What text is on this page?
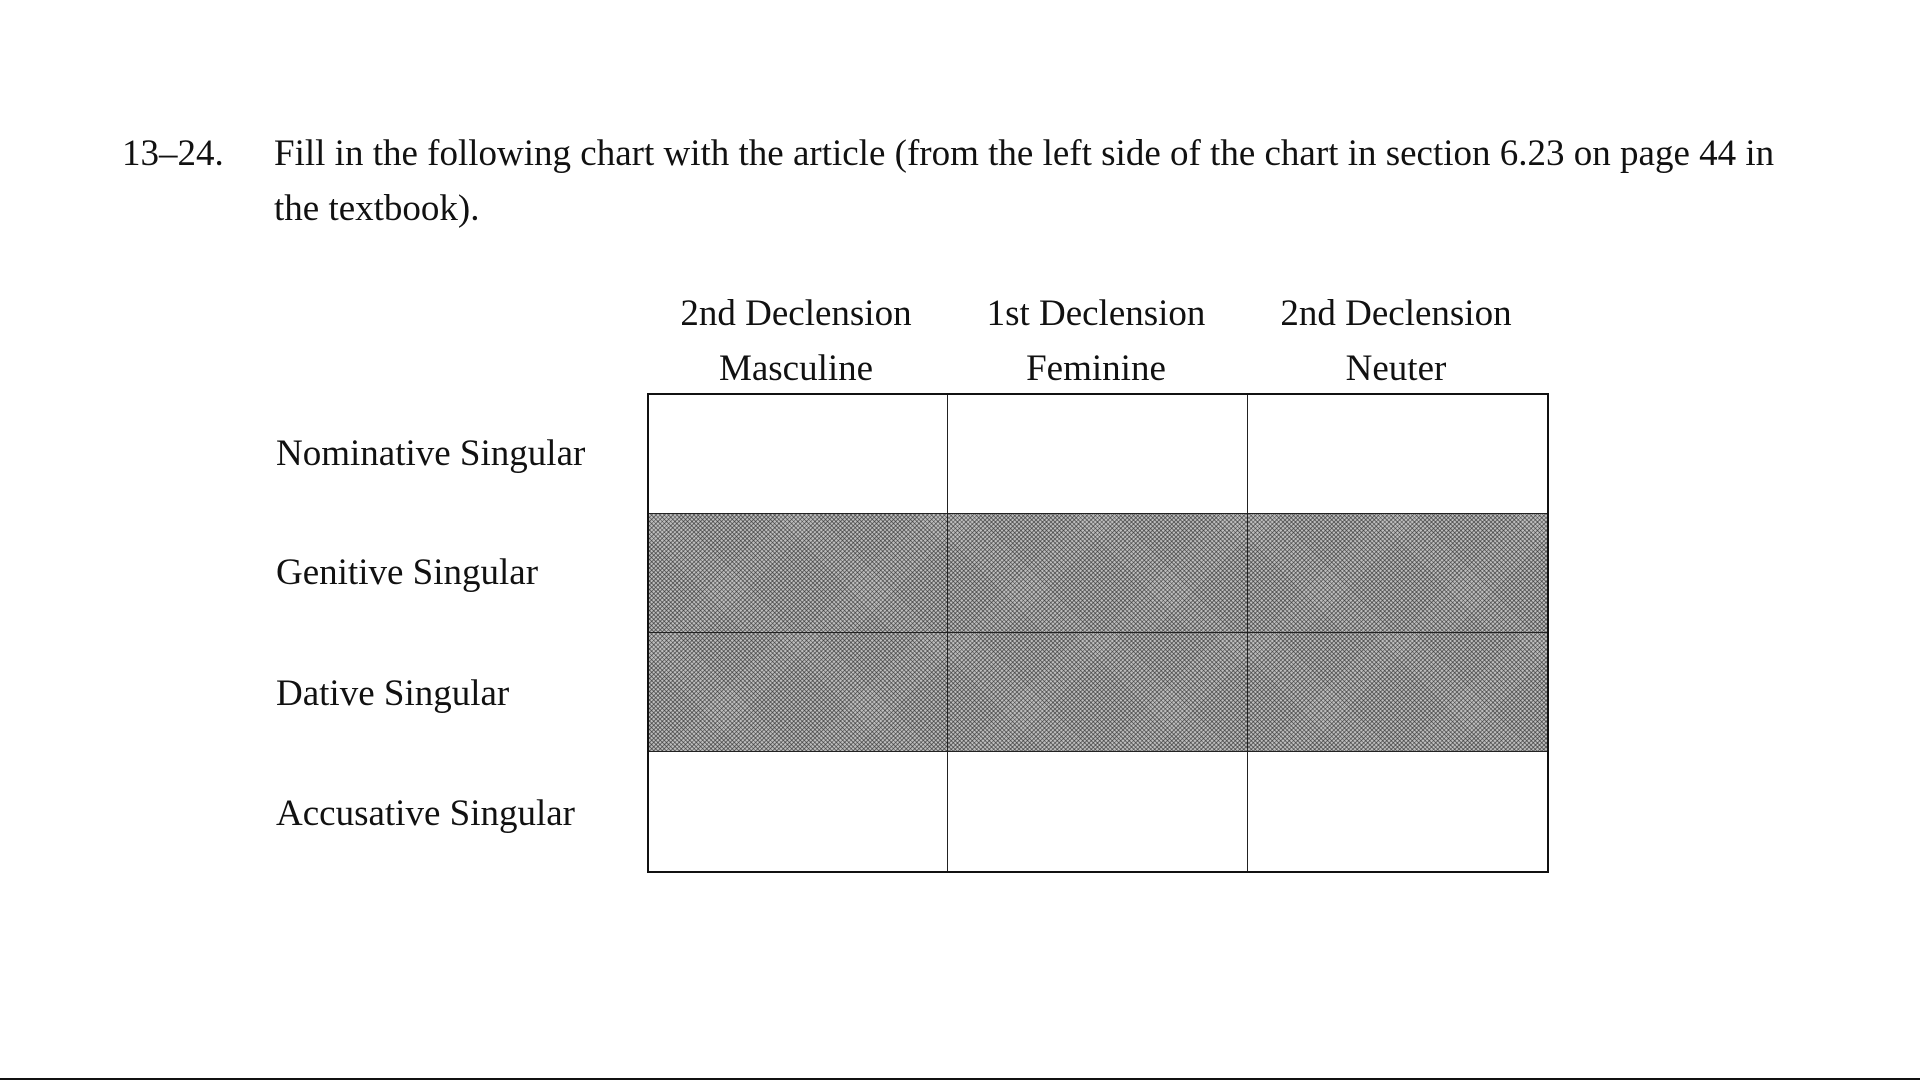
13–24. Fill in the following chart with the article (from the left side of the chart in section 6.23 on page 44 in the textbook).
2nd Declension
Masculine
1st Declension
Feminine
2nd Declension
Neuter
Nominative Singular
Genitive Singular
Dative Singular
Accusative Singular
